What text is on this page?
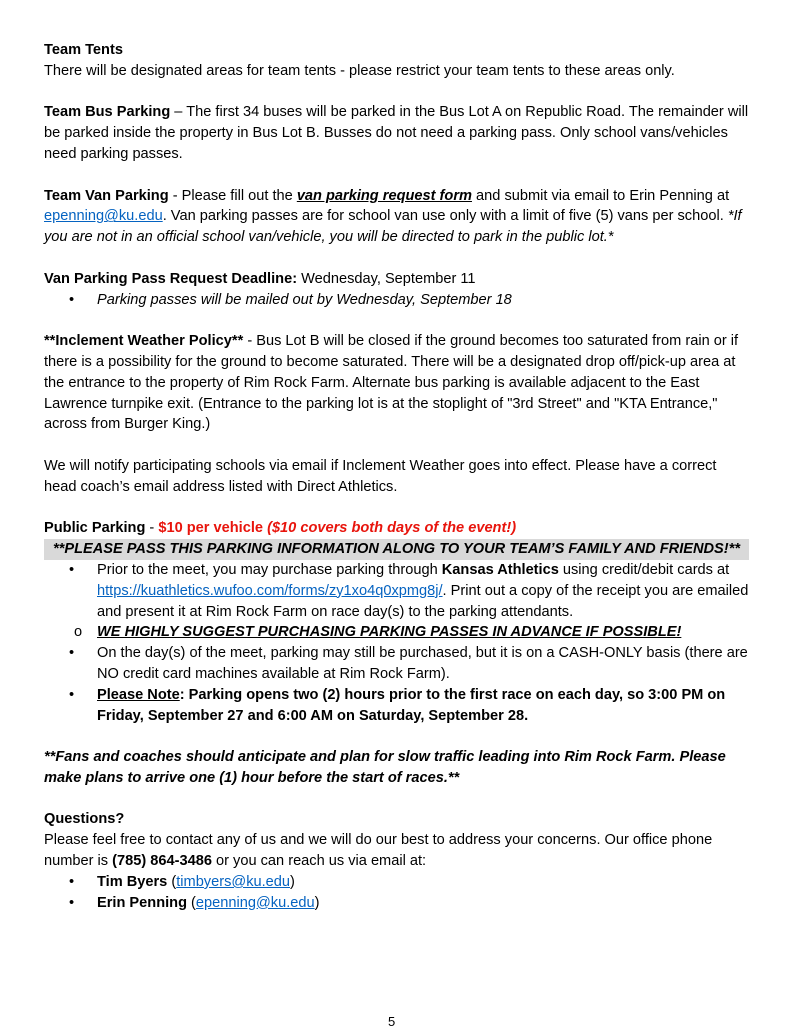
Team Tents

There will be designated areas for team tents - please restrict your team tents to these areas only.

Team Bus Parking – The first 34 buses will be parked in the Bus Lot A on Republic Road. The remainder will be parked inside the property in Bus Lot B. Busses do not need a parking pass. Only school vans/vehicles need parking passes.

Team Van Parking - Please fill out the van parking request form and submit via email to Erin Penning at epenning@ku.edu. Van parking passes are for school van use only with a limit of five (5) vans per school. *If you are not in an official school van/vehicle, you will be directed to park in the public lot.*

Van Parking Pass Request Deadline: Wednesday, September 11

• Parking passes will be mailed out by Wednesday, September 18

**Inclement Weather Policy** - Bus Lot B will be closed if the ground becomes too saturated from rain or if there is a possibility for the ground to become saturated. There will be a designated drop off/pick-up area at the entrance to the property of Rim Rock Farm. Alternate bus parking is available adjacent to the East Lawrence turnpike exit. (Entrance to the parking lot is at the stoplight of "3rd Street" and "KTA Entrance," across from Burger King.)

We will notify participating schools via email if Inclement Weather goes into effect. Please have a correct head coach’s email address listed with Direct Athletics.

Public Parking - $10 per vehicle ($10 covers both days of the event!)

**PLEASE PASS THIS PARKING INFORMATION ALONG TO YOUR TEAM’S FAMILY AND FRIENDS!**

• Prior to the meet, you may purchase parking through Kansas Athletics using credit/debit cards at https://kuathletics.wufoo.com/forms/zy1xo4q0xpmg8j/. Print out a copy of the receipt you are emailed and present it at Rim Rock Farm on race day(s) to the parking attendants.
o WE HIGHLY SUGGEST PURCHASING PARKING PASSES IN ADVANCE IF POSSIBLE!
• On the day(s) of the meet, parking may still be purchased, but it is on a CASH-ONLY basis (there are NO credit card machines available at Rim Rock Farm).
• Please Note: Parking opens two (2) hours prior to the first race on each day, so 3:00 PM on Friday, September 27 and 6:00 AM on Saturday, September 28.

**Fans and coaches should anticipate and plan for slow traffic leading into Rim Rock Farm. Please make plans to arrive one (1) hour before the start of races.**

Questions?

Please feel free to contact any of us and we will do our best to address your concerns. Our office phone number is (785) 864-3486 or you can reach us via email at:

• Tim Byers (timbyers@ku.edu)
• Erin Penning (epenning@ku.edu)
5
